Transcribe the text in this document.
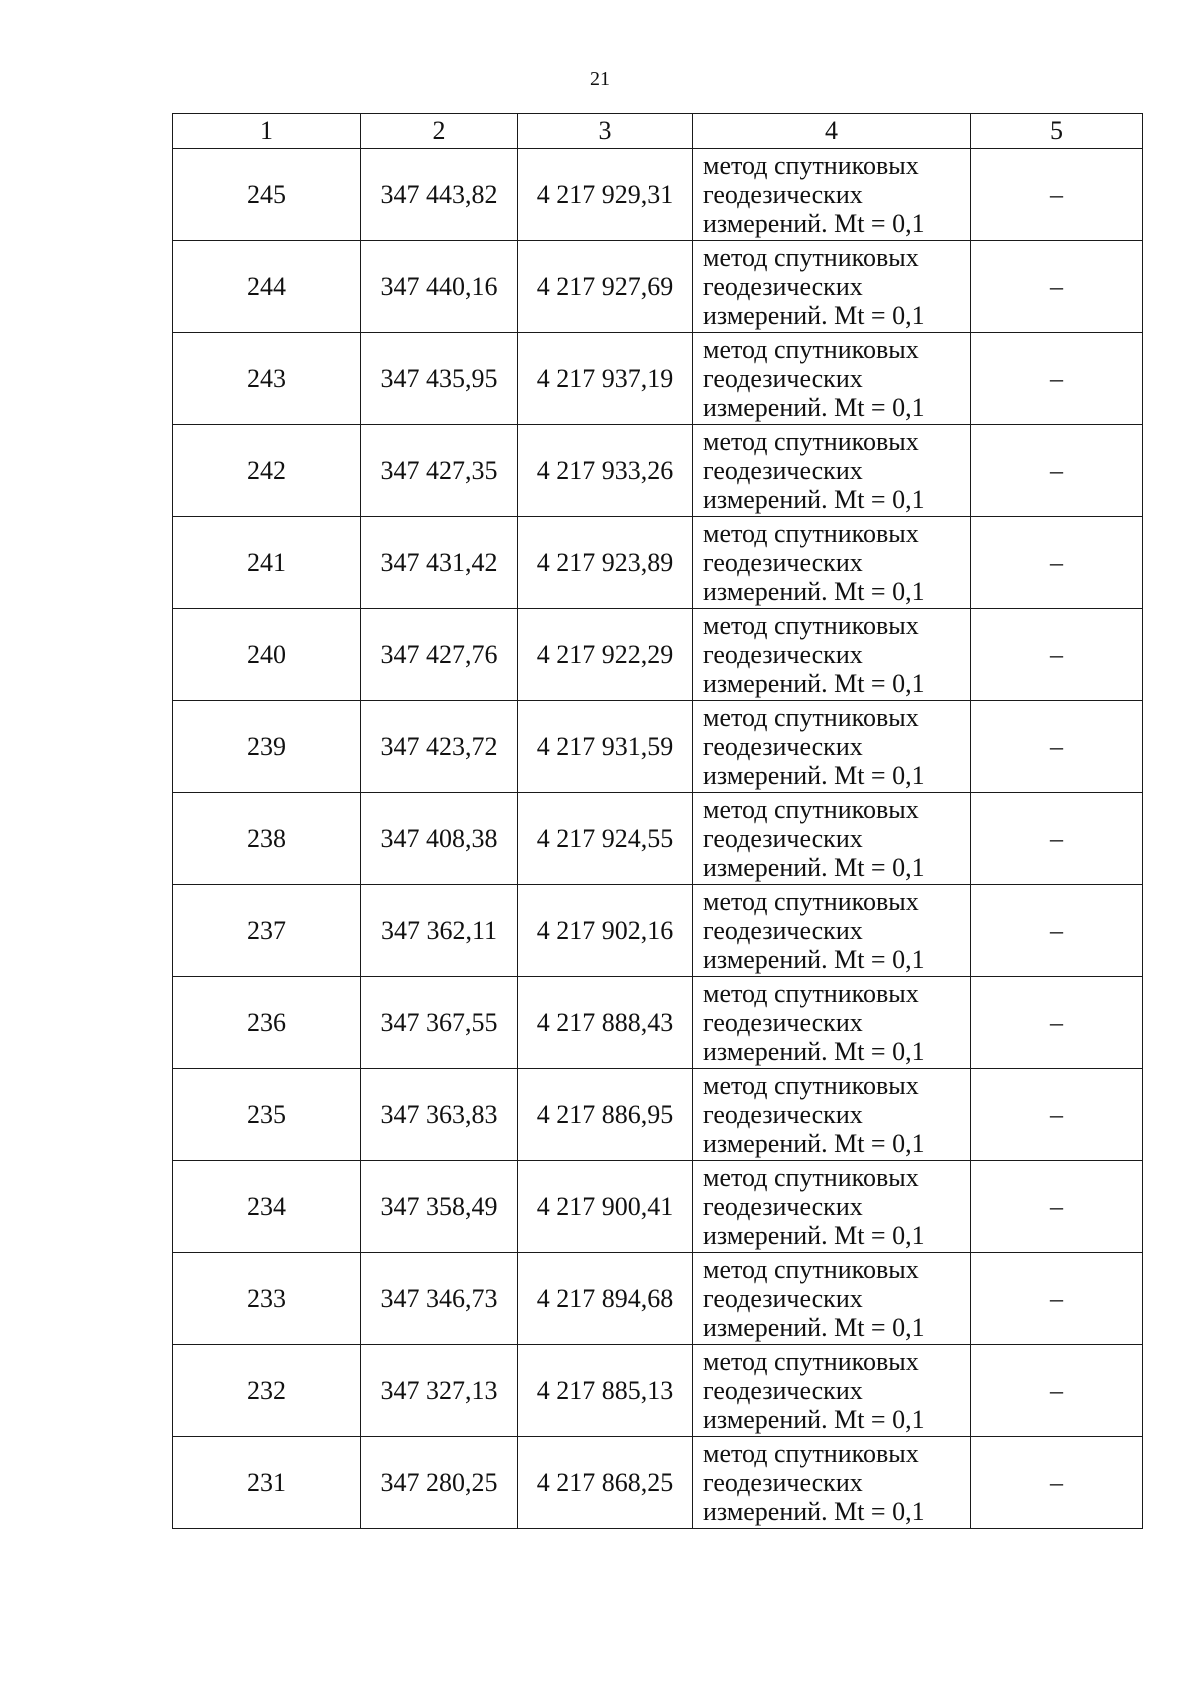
21
1	2	3	4	5
245	347 443,82	4 217 929,31	метод спутниковых
геодезических
измерений. Mt = 0,1	–
244	347 440,16	4 217 927,69	метод спутниковых
геодезических
измерений. Mt = 0,1	–
243	347 435,95	4 217 937,19	метод спутниковых
геодезических
измерений. Mt = 0,1	–
242	347 427,35	4 217 933,26	метод спутниковых
геодезических
измерений. Mt = 0,1	–
241	347 431,42	4 217 923,89	метод спутниковых
геодезических
измерений. Mt = 0,1	–
240	347 427,76	4 217 922,29	метод спутниковых
геодезических
измерений. Mt = 0,1	–
239	347 423,72	4 217 931,59	метод спутниковых
геодезических
измерений. Mt = 0,1	–
238	347 408,38	4 217 924,55	метод спутниковых
геодезических
измерений. Mt = 0,1	–
237	347 362,11	4 217 902,16	метод спутниковых
геодезических
измерений. Mt = 0,1	–
236	347 367,55	4 217 888,43	метод спутниковых
геодезических
измерений. Mt = 0,1	–
235	347 363,83	4 217 886,95	метод спутниковых
геодезических
измерений. Mt = 0,1	–
234	347 358,49	4 217 900,41	метод спутниковых
геодезических
измерений. Mt = 0,1	–
233	347 346,73	4 217 894,68	метод спутниковых
геодезических
измерений. Mt = 0,1	–
232	347 327,13	4 217 885,13	метод спутниковых
геодезических
измерений. Mt = 0,1	–
231	347 280,25	4 217 868,25	метод спутниковых
геодезических
измерений. Mt = 0,1	–
